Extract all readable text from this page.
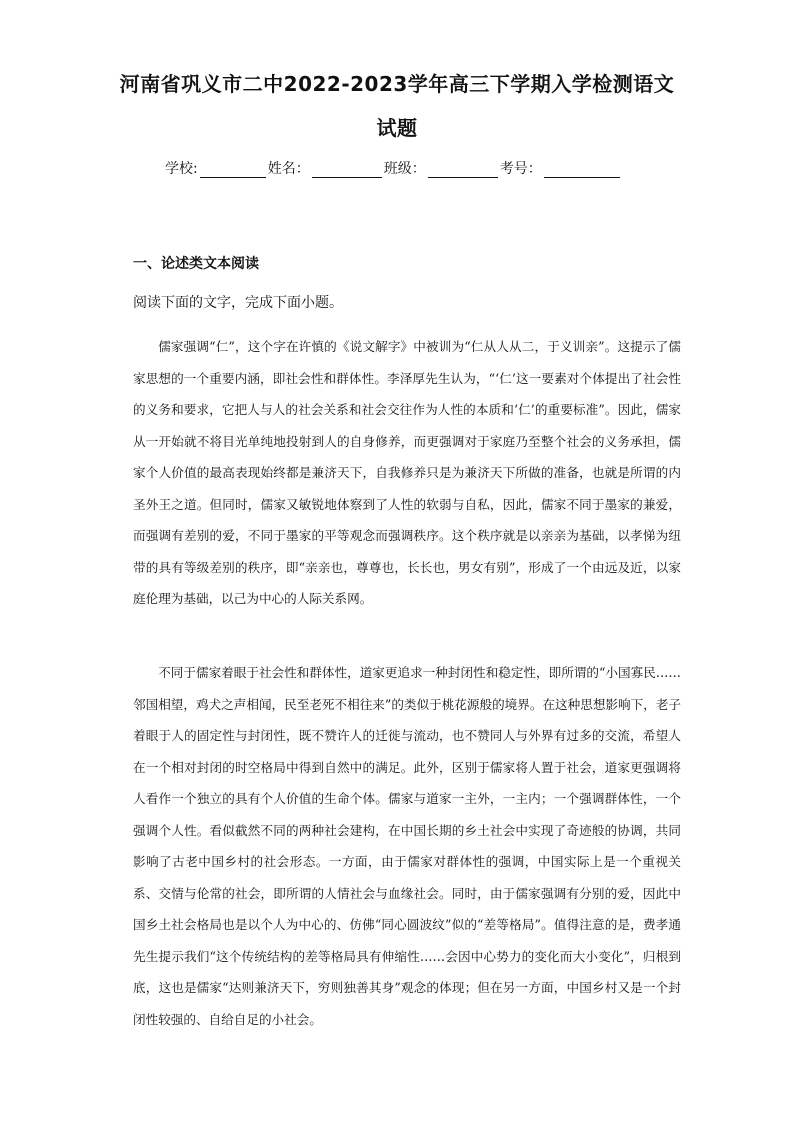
河南省巩义市二中2022-2023学年高三下学期入学检测语文
试题
学校:	姓名：	班级：	考号：
一、论述类文本阅读
阅读下面的文字，完成下面小题。

儒家强调“仁”，这个字在许慎的《说文解字》中被训为“仁从人从二，于义训亲”。这提示了儒家思想的一个重要内涵，即社会性和群体性。李泽厚先生认为，“‘仁’这一要素对个体提出了社会性的义务和要求，它把人与人的社会关系和社会交往作为人性的本质和‘仁’的重要标准”。因此，儒家从一开始就不将目光单纯地投射到人的自身修养，而更强调对于家庭乃至整个社会的义务承担，儒家个人价值的最高表现始终都是兼济天下，自我修养只是为兼济天下所做的准备，也就是所谓的内圣外王之道。但同时，儒家又敏锐地体察到了人性的软弱与自私，因此，儒家不同于墨家的兼爱，而强调有差别的爱，不同于墨家的平等观念而强调秩序。这个秩序就是以亲亲为基础，以孝悌为纽带的具有等级差别的秩序，即“亲亲也，尊尊也，长长也，男女有别”，形成了一个由远及近，以家庭伦理为基础，以己为中心的人际关系网。

不同于儒家着眼于社会性和群体性，道家更追求一种封闭性和稳定性，即所谓的“小国寡民……邻国相望，鸡犬之声相闻，民至老死不相往来”的类似于桃花源般的境界。在这种思想影响下，老子着眼于人的固定性与封闭性，既不赞许人的迁徙与流动，也不赞同人与外界有过多的交流，希望人在一个相对封闭的时空格局中得到自然中的满足。此外，区别于儒家将人置于社会，道家更强调将人看作一个独立的具有个人价值的生命个体。儒家与道家一主外，一主内；一个强调群体性，一个强调个人性。看似截然不同的两种社会建构，在中国长期的乡土社会中实现了奇迹般的协调，共同影响了古老中国乡村的社会形态。一方面，由于儒家对群体性的强调，中国实际上是一个重视关系、交情与伦常的社会，即所谓的人情社会与血缘社会。同时，由于儒家强调有分别的爱，因此中国乡土社会格局也是以个人为中心的、仿佛“同心圆波纹”似的“差等格局”。值得注意的是，费孝通先生提示我们“这个传统结构的差等格局具有伸缩性……会因中心势力的变化而大小变化”，归根到底，这也是儒家“达则兼济天下，穷则独善其身”观念的体现；但在另一方面，中国乡村又是一个封闭性较强的、自给自足的小社会。
